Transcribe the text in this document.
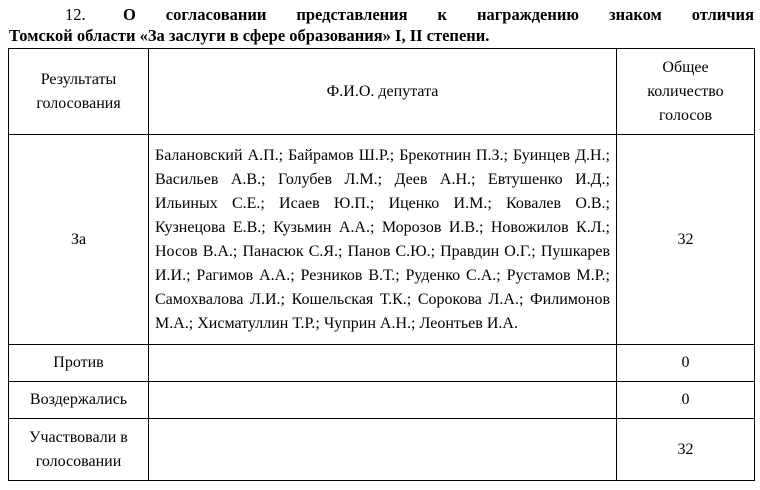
12.	О согласовании представления к награждению знаком отличия
Томской области «За заслуги в сфере образования» I, II степени.
Результаты голосования	Ф.И.О. депутата	Общее количество голосов
За	Балановский А.П.; Байрамов Ш.Р.; Брекотнин П.З.; Буинцев Д.Н.; Васильев А.В.; Голубев Л.М.; Деев А.Н.; Евтушенко И.Д.; Ильиных С.Е.; Исаев Ю.П.; Иценко И.М.; Ковалев О.В.; Кузнецова Е.В.; Кузьмин А.А.; Морозов И.В.; Новожилов К.Л.; Носов В.А.; Панасюк С.Я.; Панов С.Ю.; Правдин О.Г.; Пушкарев И.И.; Рагимов А.А.; Резников В.Т.; Руденко С.А.; Рустамов М.Р.; Самохвалова Л.И.; Кошельская Т.К.; Сорокова Л.А.; Филимонов М.А.; Хисматуллин Т.Р.; Чуприн А.Н.; Леонтьев И.А.	32
Против		0
Воздержались		0
Участвовали в голосовании		32
